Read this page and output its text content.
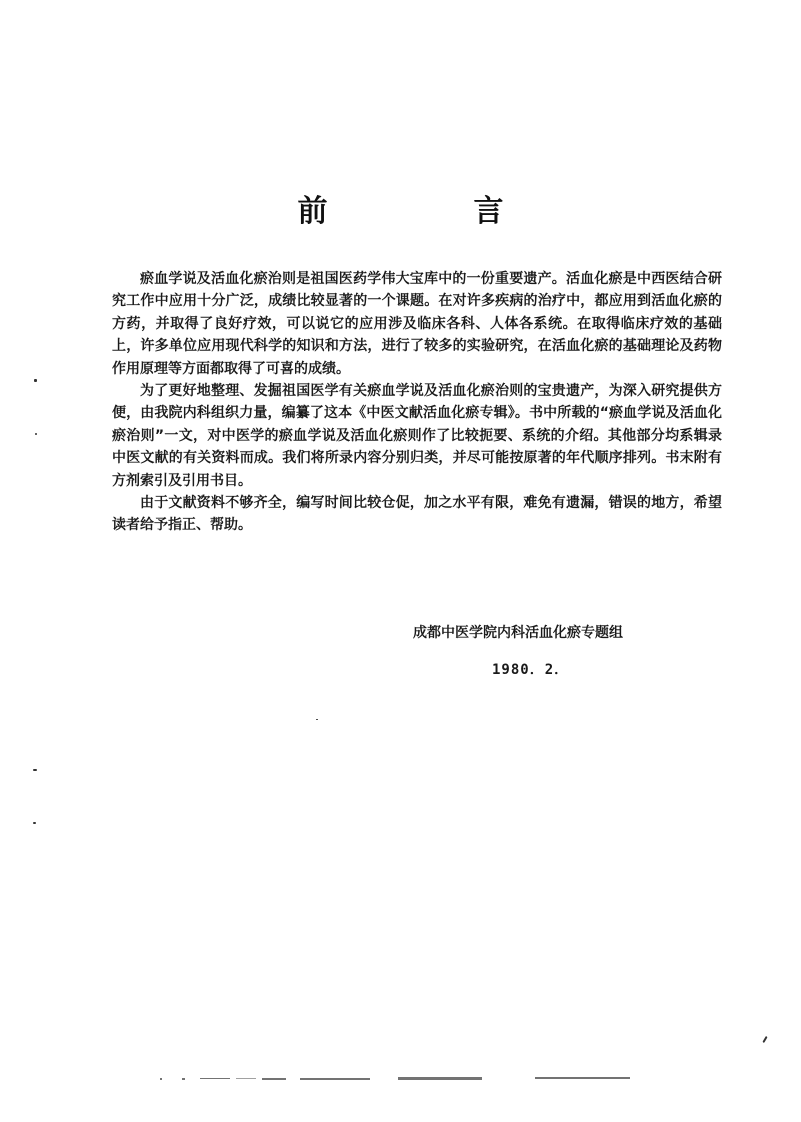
前　言

瘀血学说及活血化瘀治则是祖国医药学伟大宝库中的一份重要遗产。活血化瘀是中西医结合研究工作中应用十分广泛，成绩比较显著的一个课题。在对许多疾病的治疗中，都应用到活血化瘀的方药，并取得了良好疗效，可以说它的应用涉及临床各科、人体各系统。在取得临床疗效的基础上，许多单位应用现代科学的知识和方法，进行了较多的实验研究，在活血化瘀的基础理论及药物作用原理等方面都取得了可喜的成绩。

为了更好地整理、发掘祖国医学有关瘀血学说及活血化瘀治则的宝贵遗产，为深入研究提供方便，由我院内科组织力量，编纂了这本《中医文献活血化瘀专辑》。书中所载的“瘀血学说及活血化瘀治则”一文，对中医学的瘀血学说及活血化瘀则作了比较扼要、系统的介绍。其他部分均系辑录中医文献的有关资料而成。我们将所录内容分别归类，并尽可能按原著的年代顺序排列。书末附有方剂索引及引用书目。

由于文献资料不够齐全，编写时间比较仓促，加之水平有限，难免有遗漏，错误的地方，希望读者给予指正、帮助。

成都中医学院内科活血化瘀专题组
1980．2．
